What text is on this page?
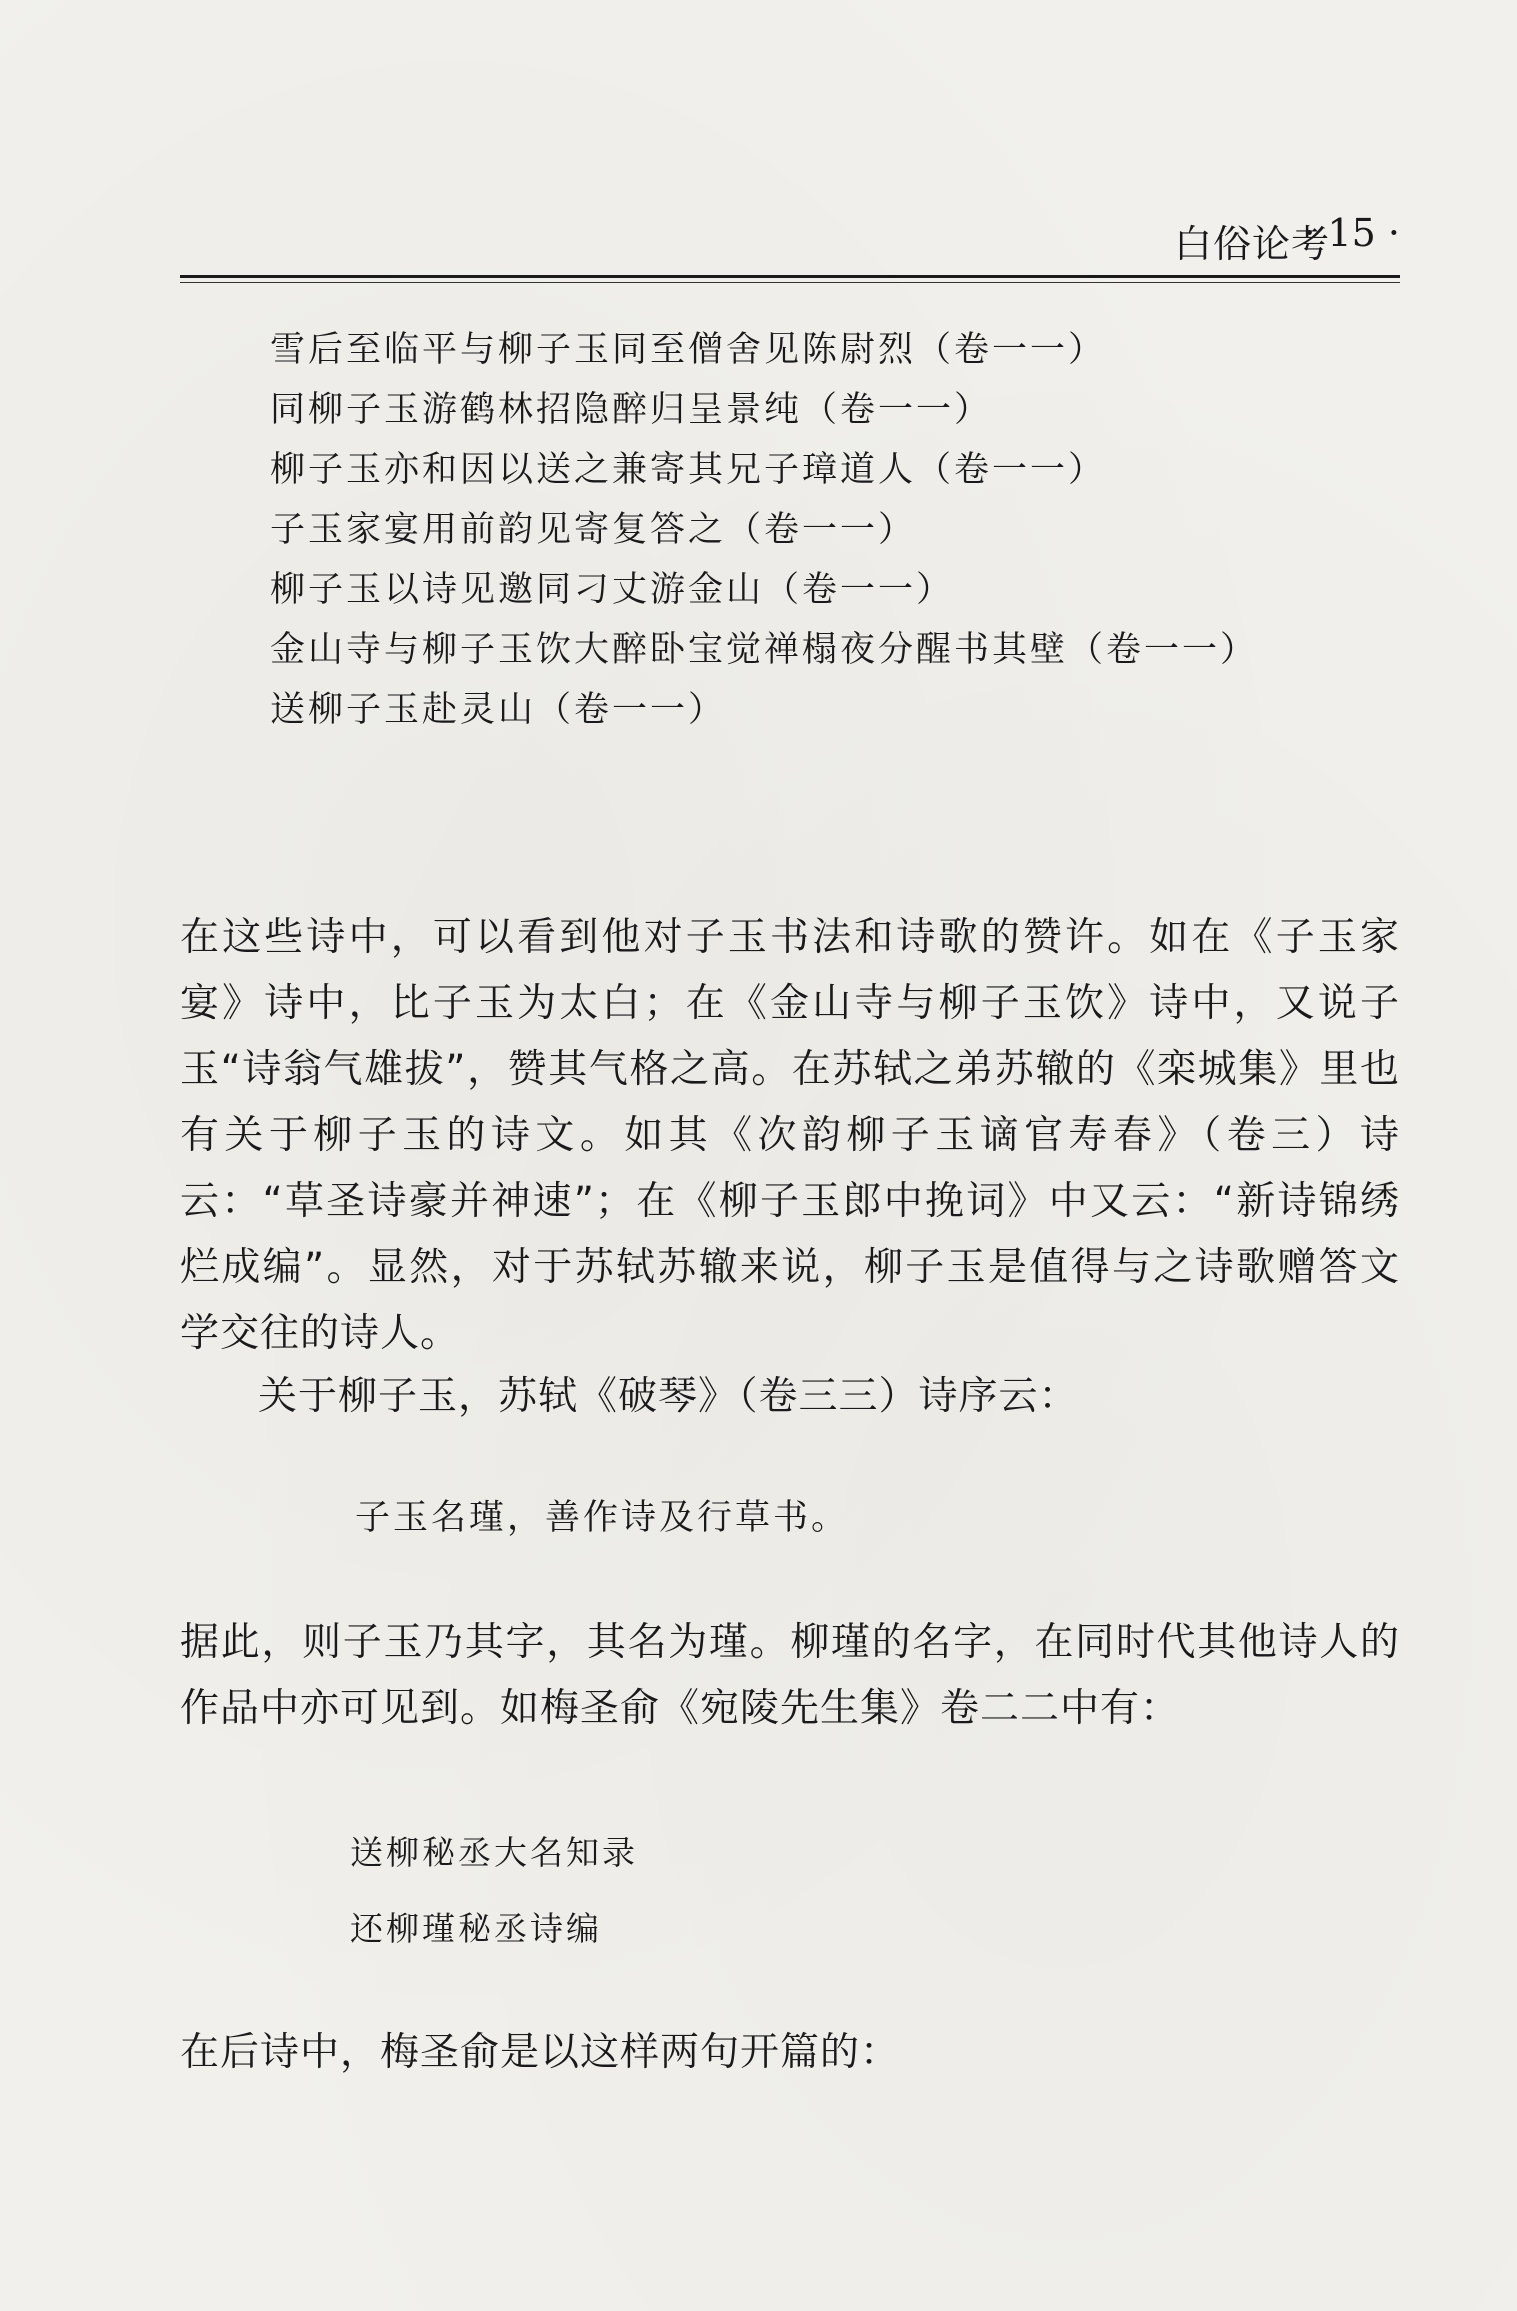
白俗论考
· 15 ·

雪后至临平与柳子玉同至僧舍见陈尉烈（卷一一）

同柳子玉游鹤林招隐醉归呈景纯（卷一一）

柳子玉亦和因以送之兼寄其兄子璋道人（卷一一）

子玉家宴用前韵见寄复答之（卷一一）

柳子玉以诗见邀同刁丈游金山（卷一一）

金山寺与柳子玉饮大醉卧宝觉禅榻夜分醒书其壁（卷一一）

送柳子玉赴灵山（卷一一）

在这些诗中，可以看到他对子玉书法和诗歌的赞许。如在《子玉家宴》诗中，比子玉为太白；在《金山寺与柳子玉饮》诗中，又说子玉“诗翁气雄拔”，赞其气格之高。在苏轼之弟苏辙的《栾城集》里也有关于柳子玉的诗文。如其《次韵柳子玉谪官寿春》（卷三）诗云：“草圣诗豪并神速”；在《柳子玉郎中挽词》中又云：“新诗锦绣烂成编”。显然，对于苏轼苏辙来说，柳子玉是值得与之诗歌赠答文学交往的诗人。
关于柳子玉，苏轼《破琴》（卷三三）诗序云：
子玉名瑾，善作诗及行草书。
据此，则子玉乃其字，其名为瑾。柳瑾的名字，在同时代其他诗人的作品中亦可见到。如梅圣俞《宛陵先生集》卷二二中有：

送柳秘丞大名知录

还柳瑾秘丞诗编

在后诗中，梅圣俞是以这样两句开篇的：
